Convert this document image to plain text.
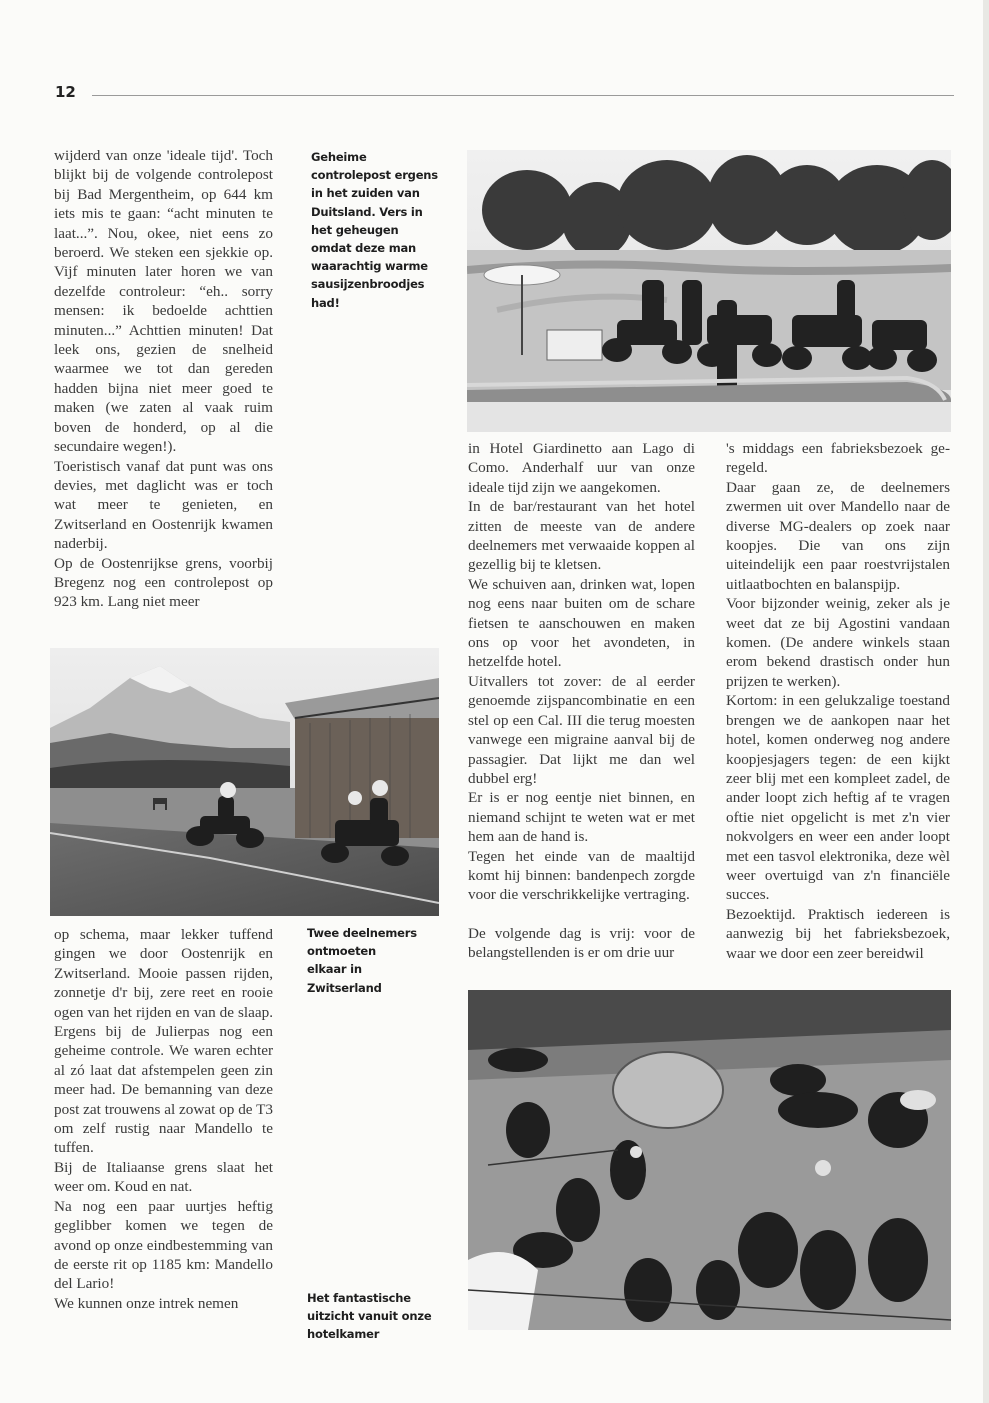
12

wijderd van onze 'ideale tijd'. Toch blijkt bij de volgende controlepost bij Bad Mergentheim, op 644 km iets mis te gaan: “acht minuten te laat...”. Nou, okee, niet eens zo beroerd. We steken een sjekkie op. Vijf minuten later horen we van dezelfde controleur: “eh.. sorry mensen: ik bedoelde achttien minuten...” Achttien minuten! Dat leek ons, gezien de snelheid waarmee we tot dan gereden hadden bijna niet meer goed te maken (we zaten al vaak ruim boven de honderd, op al die secundaire wegen!).

Toeristisch vanaf dat punt was ons devies, met daglicht was er toch wat meer te genieten, en Zwitserland en Oostenrijk kwamen naderbij.

Op de Oostenrijkse grens, voorbij Bregenz nog een controlepost op 923 km. Lang niet meer

op schema, maar lekker tuffend gingen we door Oostenrijk en Zwitserland. Mooie passen rijden, zonnetje d'r bij, zere reet en rooie ogen van het rijden en van de slaap. Ergens bij de Julierpas nog een geheime controle. We waren echter al zó laat dat afstempelen geen zin meer had. De bemanning van deze post zat trouwens al zowat op de T3 om zelf rustig naar Mandello te tuffen.

Bij de Italiaanse grens slaat het weer om. Koud en nat.

Na nog een paar uurtjes heftig geglibber komen we tegen de avond op onze eindbestemming van de eerste rit op 1185 km: Mandello del Lario!

We kunnen onze intrek nemen

Geheime controlepost ergens in het zuiden van Duitsland. Vers in het geheugen omdat deze man waarachtig warme sausijzenbroodjes had!
Twee deelnemers ontmoeten elkaar in Zwitserland
Het fantastische uitzicht vanuit onze hotelkamer

in Hotel Giardinetto aan Lago di Como. Anderhalf uur van onze ideale tijd zijn we aangekomen.

In de bar/restaurant van het hotel zitten de meeste van de andere deelnemers met verwaaide koppen al gezellig bij te kletsen.

We schuiven aan, drinken wat, lopen nog eens naar buiten om de schare fietsen te aanschouwen en maken ons op voor het avondeten, in hetzelfde hotel.

Uitvallers tot zover: de al eerder genoemde zijspancombinatie en een stel op een Cal. III die terug moesten vanwege een migraine aanval bij de passagier. Dat lijkt me dan wel dubbel erg!

Er is er nog eentje niet binnen, en niemand schijnt te weten wat er met hem aan de hand is.

Tegen het einde van de maaltijd komt hij binnen: bandenpech zorgde voor die verschrikkelijke vertraging.

De volgende dag is vrij: voor de belangstellenden is er om drie uur

's middags een fabrieksbezoek geregeld.

Daar gaan ze, de deelnemers zwermen uit over Mandello naar de diverse MG-dealers op zoek naar koopjes. Die van ons zijn uiteindelijk een paar roestvrijstalen uitlaatbochten en balanspijp.

Voor bijzonder weinig, zeker als je weet dat ze bij Agostini vandaan komen. (De andere winkels staan erom bekend drastisch onder hun prijzen te werken).

Kortom: in een gelukzalige toestand brengen we de aankopen naar het hotel, komen onderweg nog andere koopjesjagers tegen: de een kijkt zeer blij met een kompleet zadel, de ander loopt zich heftig af te vragen oftie niet opgelicht is met z'n vier nokvolgers en weer een ander loopt met een tasvol elektronika, deze wèl weer overtuigd van z'n financiële succes.

Bezoektijd. Praktisch iedereen is aanwezig bij het fabrieksbezoek, waar we door een zeer bereidwil
